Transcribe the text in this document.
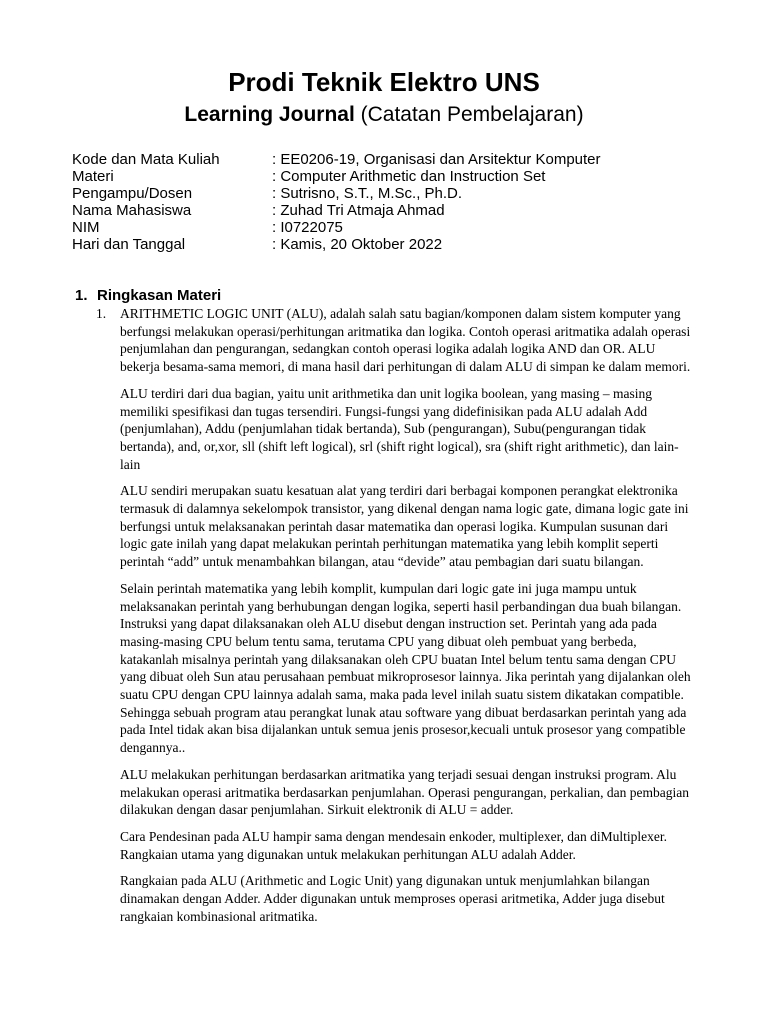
Prodi Teknik Elektro UNS
Learning Journal (Catatan Pembelajaran)
Kode dan Mata Kuliah	: EE0206-19, Organisasi dan Arsitektur Komputer
Materi	: Computer Arithmetic dan Instruction Set
Pengampu/Dosen	: Sutrisno, S.T., M.Sc., Ph.D.
Nama Mahasiswa	: Zuhad Tri Atmaja Ahmad
NIM	: I0722075
Hari dan Tanggal	: Kamis, 20 Oktober 2022
1. Ringkasan Materi

1. ARITHMETIC LOGIC UNIT (ALU), adalah salah satu bagian/komponen dalam sistem komputer yang berfungsi melakukan operasi/perhitungan aritmatika dan logika. Contoh operasi aritmatika adalah operasi penjumlahan dan pengurangan, sedangkan contoh operasi logika adalah logika AND dan OR. ALU bekerja besama-sama memori, di mana hasil dari perhitungan di dalam ALU di simpan ke dalam memori.

ALU terdiri dari dua bagian, yaitu unit arithmetika dan unit logika boolean, yang masing – masing memiliki spesifikasi dan tugas tersendiri. Fungsi-fungsi yang didefinisikan pada ALU adalah Add (penjumlahan), Addu (penjumlahan tidak bertanda), Sub (pengurangan), Subu(pengurangan tidak bertanda), and, or,xor, sll (shift left logical), srl (shift right logical), sra (shift right arithmetic), dan lain-lain

ALU sendiri merupakan suatu kesatuan alat yang terdiri dari berbagai komponen perangkat elektronika termasuk di dalamnya sekelompok transistor, yang dikenal dengan nama logic gate, dimana logic gate ini berfungsi untuk melaksanakan perintah dasar matematika dan operasi logika. Kumpulan susunan dari logic gate inilah yang dapat melakukan perintah perhitungan matematika yang lebih komplit seperti perintah “add” untuk menambahkan bilangan, atau “devide” atau pembagian dari suatu bilangan.

Selain perintah matematika yang lebih komplit, kumpulan dari logic gate ini juga mampu untuk melaksanakan perintah yang berhubungan dengan logika, seperti hasil perbandingan dua buah bilangan. Instruksi yang dapat dilaksanakan oleh ALU disebut dengan instruction set. Perintah yang ada pada masing-masing CPU belum tentu sama, terutama CPU yang dibuat oleh pembuat yang berbeda, katakanlah misalnya perintah yang dilaksanakan oleh CPU buatan Intel belum tentu sama dengan CPU yang dibuat oleh Sun atau perusahaan pembuat mikroprosesor lainnya. Jika perintah yang dijalankan oleh suatu CPU dengan CPU lainnya adalah sama, maka pada level inilah suatu sistem dikatakan compatible. Sehingga sebuah program atau perangkat lunak atau software yang dibuat berdasarkan perintah yang ada pada Intel tidak akan bisa dijalankan untuk semua jenis prosesor,kecuali untuk prosesor yang compatible dengannya..

ALU melakukan perhitungan berdasarkan aritmatika yang terjadi sesuai dengan instruksi program. Alu melakukan operasi aritmatika berdasarkan penjumlahan. Operasi pengurangan, perkalian, dan pembagian dilakukan dengan dasar penjumlahan. Sirkuit elektronik di ALU = adder.

Cara Pendesinan pada ALU hampir sama dengan mendesain enkoder, multiplexer, dan diMultiplexer. Rangkaian utama yang digunakan untuk melakukan perhitungan ALU adalah Adder.

Rangkaian pada ALU (Arithmetic and Logic Unit) yang digunakan untuk menjumlahkan bilangan dinamakan dengan Adder. Adder digunakan untuk memproses operasi aritmetika, Adder juga disebut rangkaian kombinasional aritmatika.
